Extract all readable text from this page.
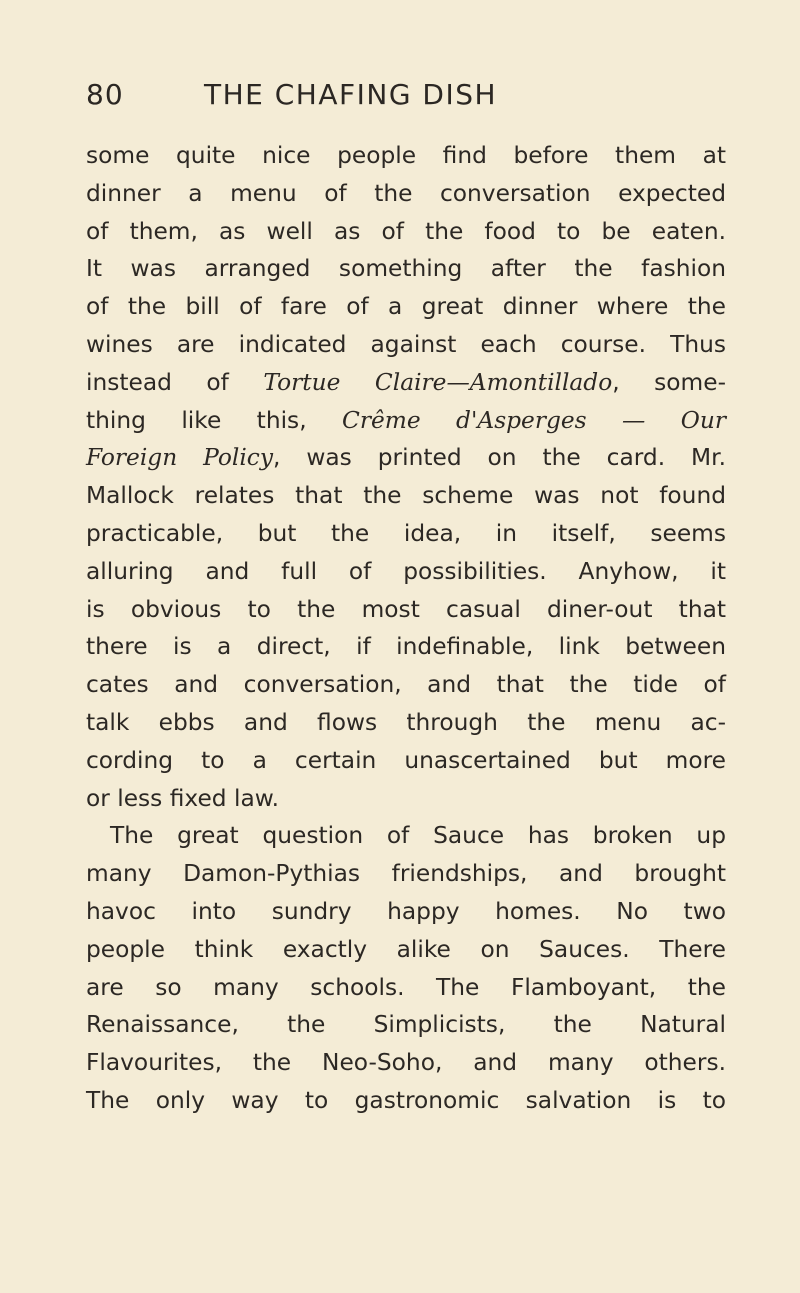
80	THE CHAFING DISH
some quite nice people find before them at
dinner a menu of the conversation expected
of them, as well as of the food to be eaten.
It was arranged something after the fashion
of the bill of fare of a great dinner where the
wines are indicated against each course. Thus
instead of Tortue Claire—Amontillado, some-
thing like this, Crême d'Asperges — Our
Foreign Policy, was printed on the card. Mr.
Mallock relates that the scheme was not found
practicable, but the idea, in itself, seems
alluring and full of possibilities. Anyhow, it
is obvious to the most casual diner-out that
there is a direct, if indefinable, link between
cates and conversation, and that the tide of
talk ebbs and flows through the menu ac-
cording to a certain unascertained but more
or less fixed law.
The great question of Sauce has broken up
many Damon-Pythias friendships, and brought
havoc into sundry happy homes. No two
people think exactly alike on Sauces. There
are so many schools. The Flamboyant, the
Renaissance, the Simplicists, the Natural
Flavourites, the Neo-Soho, and many others.
The only way to gastronomic salvation is to
